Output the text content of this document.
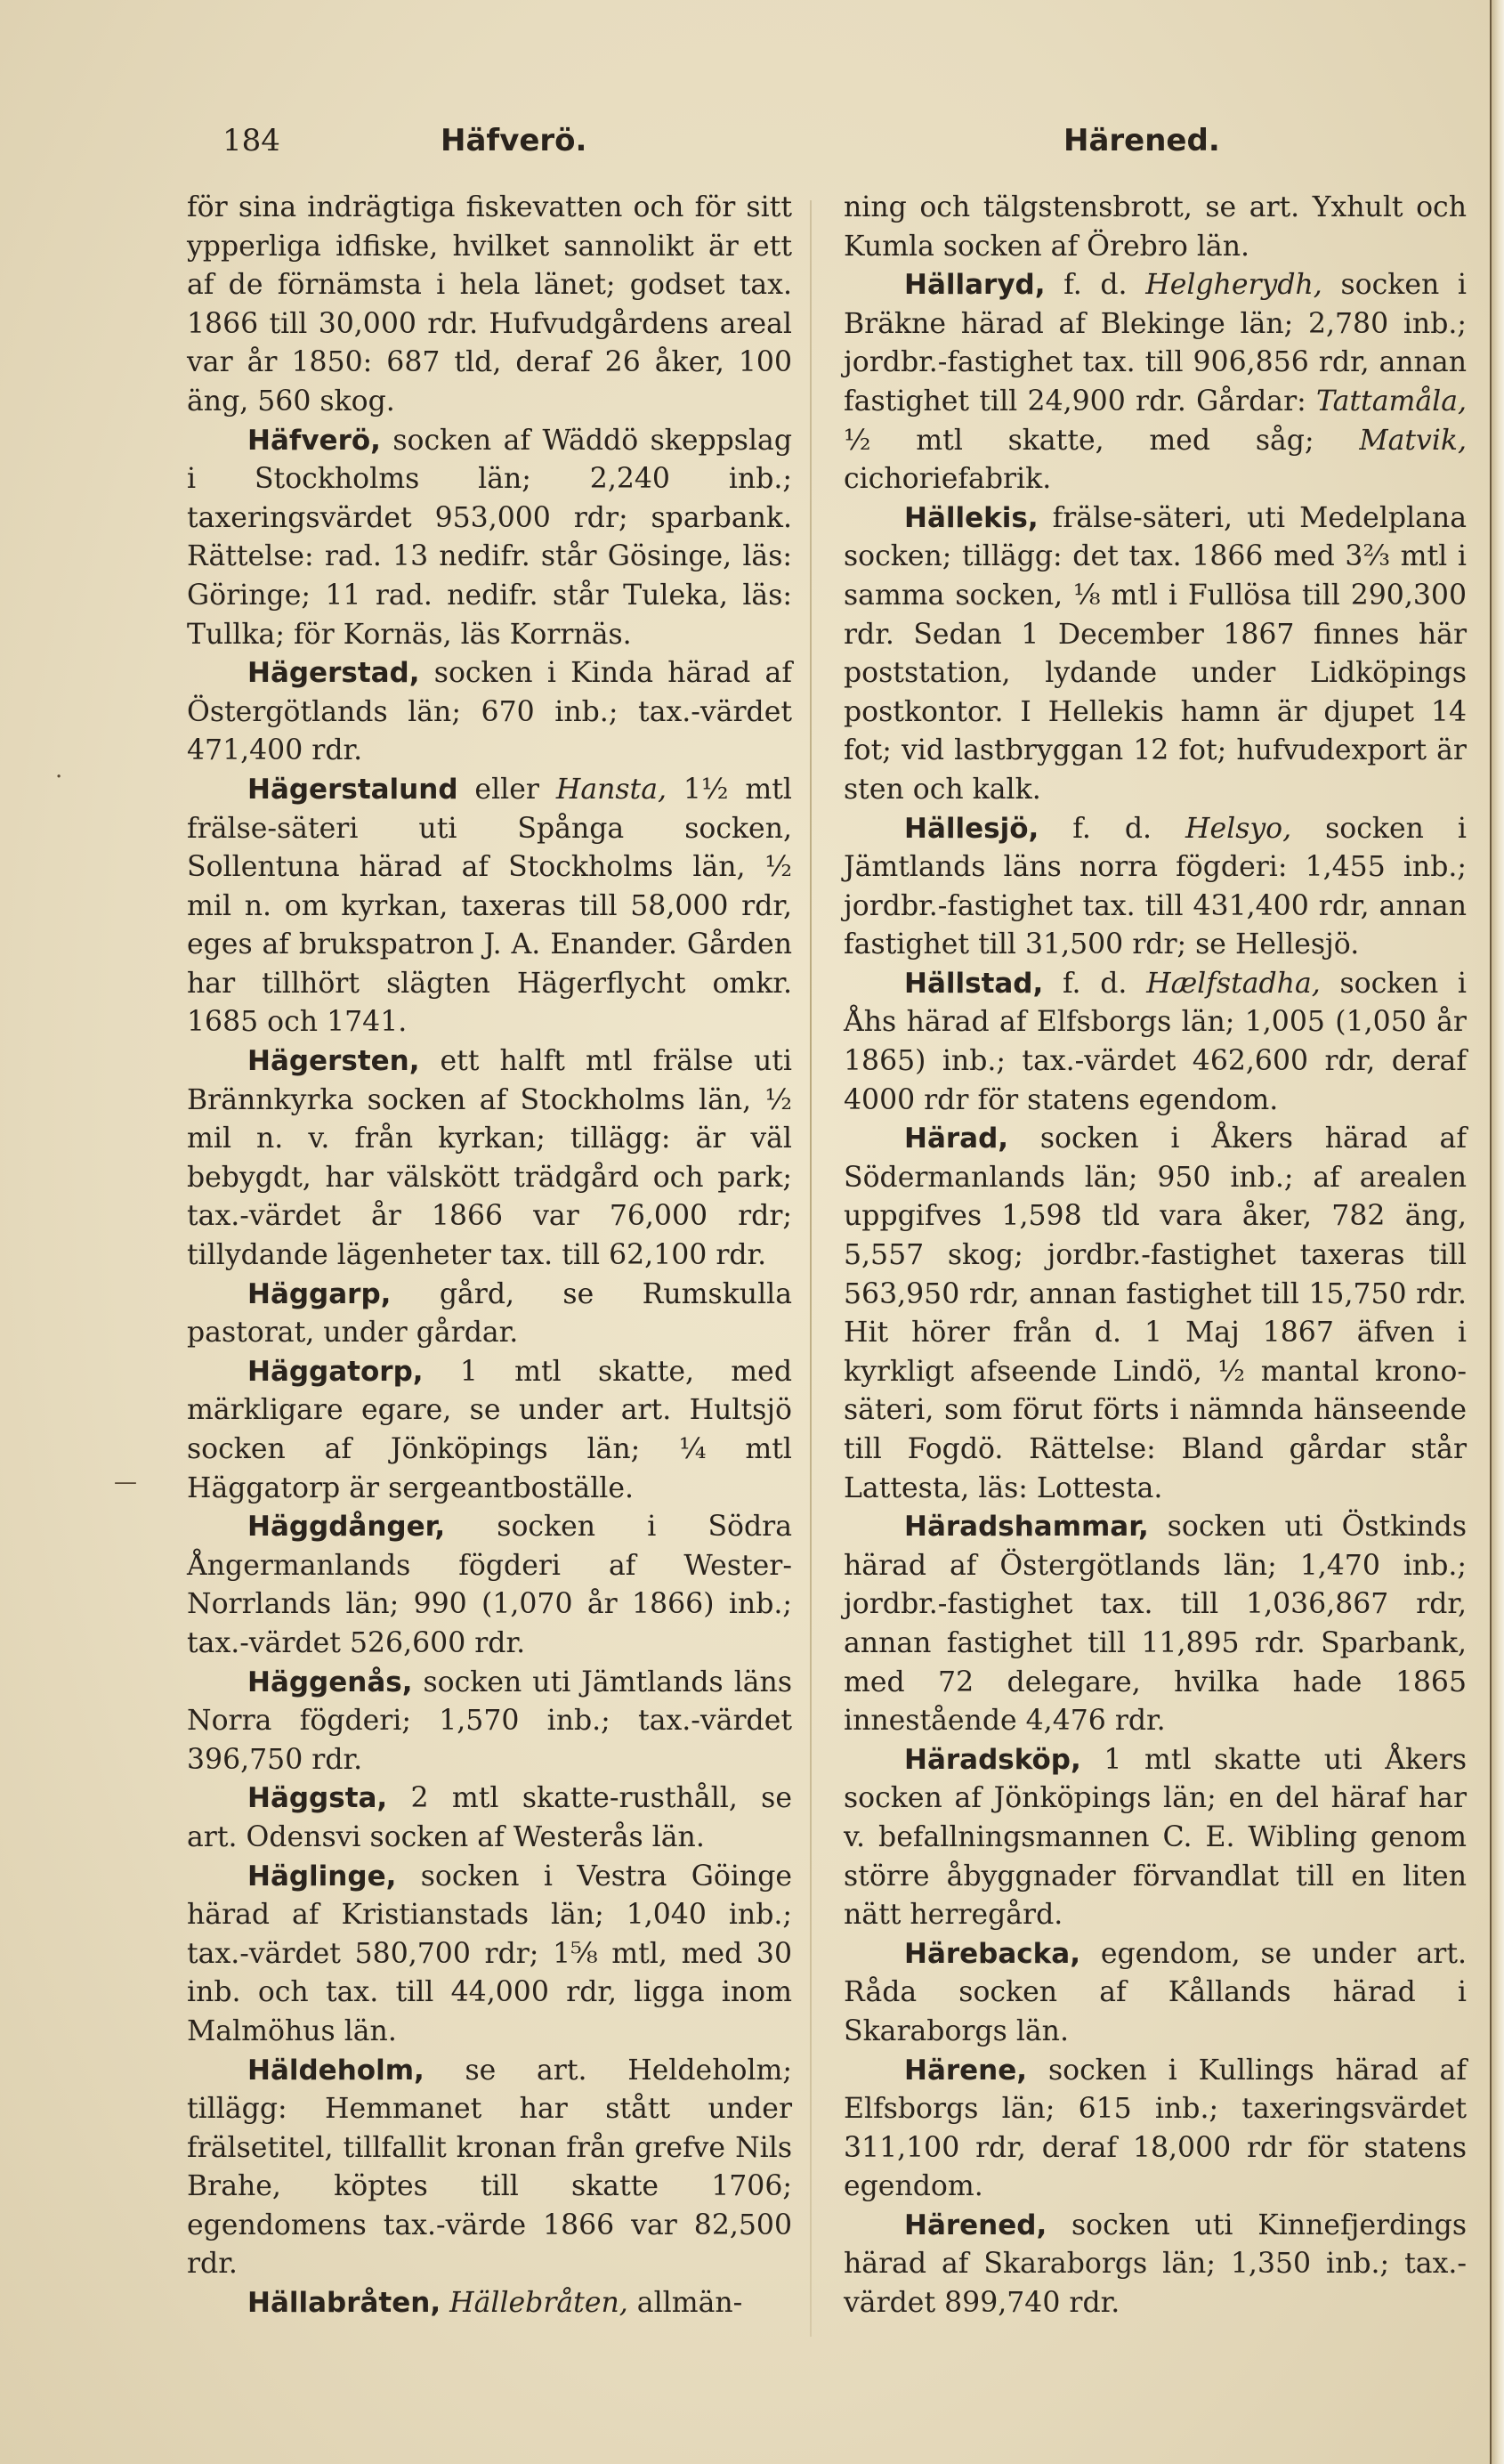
184	Häfverö.	Härened.

för sina indrägtiga fiskevatten och för sitt ypperliga idfiske, hvilket sannolikt är ett af de förnämsta i hela länet; godset tax. 1866 till 30,000 rdr. Hufvudgårdens areal var år 1850: 687 tld, deraf 26 åker, 100 äng, 560 skog.

Häfverö, socken af Wäddö skeppslag i Stockholms län; 2,240 inb.; taxeringsvärdet 953,000 rdr; sparbank. Rättelse: rad. 13 nedifr. står Gösinge, läs: Göringe; 11 rad. nedifr. står Tuleka, läs: Tullka; för Kornäs, läs Korrnäs.

Hägerstad, socken i Kinda härad af Östergötlands län; 670 inb.; tax.-värdet 471,400 rdr.

Hägerstalund eller Hansta, 1½ mtl frälse-säteri uti Spånga socken, Sollentuna härad af Stockholms län, ½ mil n. om kyrkan, taxeras till 58,000 rdr, eges af brukspatron J. A. Enander. Gården har tillhört slägten Hägerflycht omkr. 1685 och 1741.

Hägersten, ett halft mtl frälse uti Brännkyrka socken af Stockholms län, ½ mil n. v. från kyrkan; tillägg: är väl bebygdt, har välskött trädgård och park; tax.-värdet år 1866 var 76,000 rdr; tillydande lägenheter tax. till 62,100 rdr.

Häggarp, gård, se Rumskulla pastorat, under gårdar.

Häggatorp, 1 mtl skatte, med märkligare egare, se under art. Hultsjö socken af Jönköpings län; ¼ mtl Häggatorp är sergeantboställe.

Häggdånger, socken i Södra Ångermanlands fögderi af Wester-Norrlands län; 990 (1,070 år 1866) inb.; tax.-värdet 526,600 rdr.

Häggenås, socken uti Jämtlands läns Norra fögderi; 1,570 inb.; tax.-värdet 396,750 rdr.

Häggsta, 2 mtl skatte-rusthåll, se art. Odensvi socken af Westerås län.

Häglinge, socken i Vestra Göinge härad af Kristianstads län; 1,040 inb.; tax.-värdet 580,700 rdr; 1⅝ mtl, med 30 inb. och tax. till 44,000 rdr, ligga inom Malmöhus län.

Häldeholm, se art. Heldeholm; tillägg: Hemmanet har stått under frälsetitel, tillfallit kronan från grefve Nils Brahe, köptes till skatte 1706; egendomens tax.-värde 1866 var 82,500 rdr.

Hällabråten, Hällebråten, allmän-

ning och tälgstensbrott, se art. Yxhult och Kumla socken af Örebro län.

Hällaryd, f. d. Helgherydh, socken i Bräkne härad af Blekinge län; 2,780 inb.; jordbr.-fastighet tax. till 906,856 rdr, annan fastighet till 24,900 rdr. Gårdar: Tattamåla, ½ mtl skatte, med såg; Matvik, cichoriefabrik.

Hällekis, frälse-säteri, uti Medelplana socken; tillägg: det tax. 1866 med 3⅔ mtl i samma socken, ⅛ mtl i Fullösa till 290,300 rdr. Sedan 1 December 1867 finnes här poststation, lydande under Lidköpings postkontor. I Hellekis hamn är djupet 14 fot; vid lastbryggan 12 fot; hufvudexport är sten och kalk.

Hällesjö, f. d. Helsyo, socken i Jämtlands läns norra fögderi: 1,455 inb.; jordbr.-fastighet tax. till 431,400 rdr, annan fastighet till 31,500 rdr; se Hellesjö.

Hällstad, f. d. Hælfstadha, socken i Åhs härad af Elfsborgs län; 1,005 (1,050 år 1865) inb.; tax.-värdet 462,600 rdr, deraf 4000 rdr för statens egendom.

Härad, socken i Åkers härad af Södermanlands län; 950 inb.; af arealen uppgifves 1,598 tld vara åker, 782 äng, 5,557 skog; jordbr.-fastighet taxeras till 563,950 rdr, annan fastighet till 15,750 rdr. Hit hörer från d. 1 Maj 1867 äfven i kyrkligt afseende Lindö, ½ mantal krono-säteri, som förut förts i nämnda hänseende till Fogdö. Rättelse: Bland gårdar står Lattesta, läs: Lottesta.

Häradshammar, socken uti Östkinds härad af Östergötlands län; 1,470 inb.; jordbr.-fastighet tax. till 1,036,867 rdr, annan fastighet till 11,895 rdr. Sparbank, med 72 delegare, hvilka hade 1865 innestående 4,476 rdr.

Häradsköp, 1 mtl skatte uti Åkers socken af Jönköpings län; en del häraf har v. befallningsmannen C. E. Wibling genom större åbyggnader förvandlat till en liten nätt herregård.

Härebacka, egendom, se under art. Råda socken af Kållands härad i Skaraborgs län.

Härene, socken i Kullings härad af Elfsborgs län; 615 inb.; taxeringsvärdet 311,100 rdr, deraf 18,000 rdr för statens egendom.

Härened, socken uti Kinnefjerdings härad af Skaraborgs län; 1,350 inb.; tax.-värdet 899,740 rdr.

—
·
